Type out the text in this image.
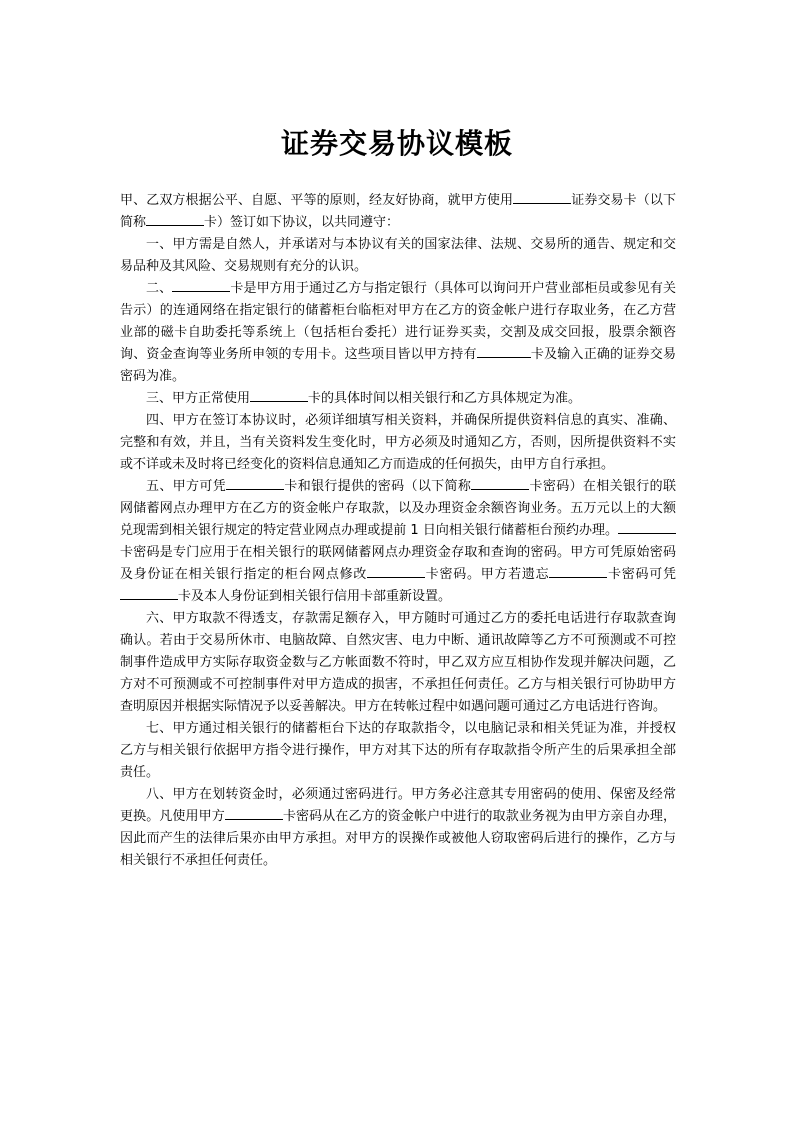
证券交易协议模板

甲、乙双方根据公平、自愿、平等的原则，经友好协商，就甲方使用	证券交易卡（以下简称	卡）签订如下协议，以共同遵守：

一、甲方需是自然人，并承诺对与本协议有关的国家法律、法规、交易所的通告、规定和交易品种及其风险、交易规则有充分的认识。

二、	卡是甲方用于通过乙方与指定银行（具体可以询问开户营业部柜员或参见有关告示）的连通网络在指定银行的储蓄柜台临柜对甲方在乙方的资金帐户进行存取业务，在乙方营业部的磁卡自助委托等系统上（包括柜台委托）进行证券买卖，交割及成交回报，股票余额咨询、资金查询等业务所申领的专用卡。这些项目皆以甲方持有	卡及输入正确的证券交易密码为准。

三、甲方正常使用	卡的具体时间以相关银行和乙方具体规定为准。

四、甲方在签订本协议时，必须详细填写相关资料，并确保所提供资料信息的真实、准确、完整和有效，并且，当有关资料发生变化时，甲方必须及时通知乙方，否则，因所提供资料不实或不详或未及时将已经变化的资料信息通知乙方而造成的任何损失，由甲方自行承担。

五、甲方可凭	卡和银行提供的密码（以下简称	卡密码）在相关银行的联网储蓄网点办理甲方在乙方的资金帐户存取款，以及办理资金余额咨询业务。五万元以上的大额兑现需到相关银行规定的特定营业网点办理或提前 1 日向相关银行储蓄柜台预约办理。卡密码是专门应用于在相关银行的联网储蓄网点办理资金存取和查询的密码。甲方可凭原始密码及身份证在相关银行指定的柜台网点修改	卡密码。甲方若遗忘	卡密码可凭卡及本人身份证到相关银行信用卡部重新设置。

六、甲方取款不得透支，存款需足额存入，甲方随时可通过乙方的委托电话进行存取款查询确认。若由于交易所休市、电脑故障、自然灾害、电力中断、通讯故障等乙方不可预测或不可控制事件造成甲方实际存取资金数与乙方帐面数不符时，甲乙双方应互相协作发现并解决问题，乙方对不可预测或不可控制事件对甲方造成的损害，不承担任何责任。乙方与相关银行可协助甲方查明原因并根据实际情况予以妥善解决。甲方在转帐过程中如遇问题可通过乙方电话进行咨询。

七、甲方通过相关银行的储蓄柜台下达的存取款指令，以电脑记录和相关凭证为准，并授权乙方与相关银行依据甲方指令进行操作，甲方对其下达的所有存取款指令所产生的后果承担全部责任。

八、甲方在划转资金时，必须通过密码进行。甲方务必注意其专用密码的使用、保密及经常更换。凡使用甲方	卡密码从在乙方的资金帐户中进行的取款业务视为由甲方亲自办理，因此而产生的法律后果亦由甲方承担。对甲方的误操作或被他人窃取密码后进行的操作，乙方与相关银行不承担任何责任。
